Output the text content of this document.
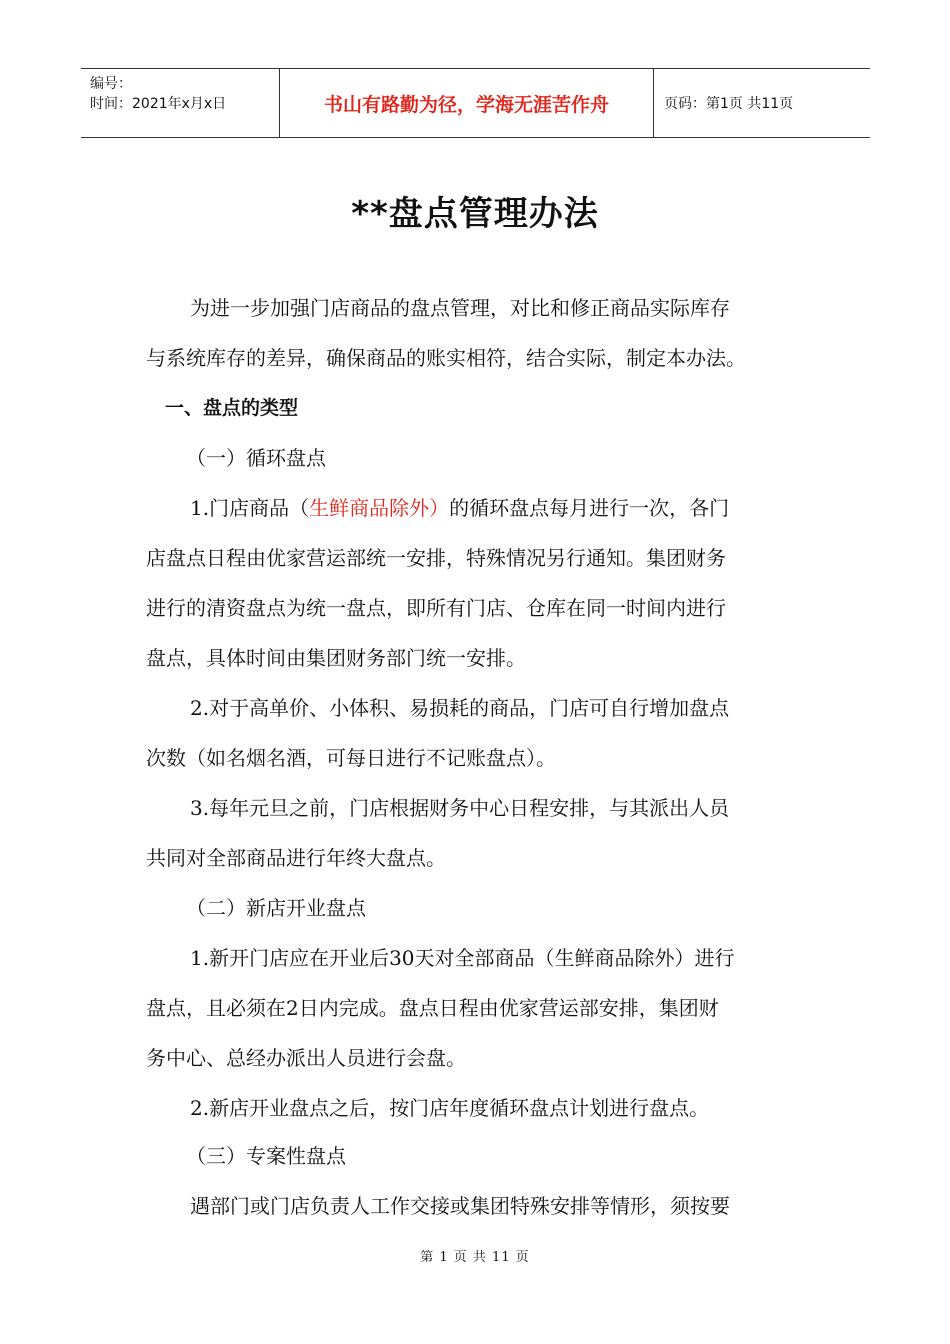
编号：
时间：2021年x月x日	书山有路勤为径，学海无涯苦作舟	页码：第1页 共11页
**盘点管理办法
为进一步加强门店商品的盘点管理，对比和修正商品实际库存
与系统库存的差异，确保商品的账实相符，结合实际，制定本办法。
一、盘点的类型
（一）循环盘点
1.门店商品（生鲜商品除外）的循环盘点每月进行一次，各门
店盘点日程由优家营运部统一安排，特殊情况另行通知。集团财务
进行的清资盘点为统一盘点，即所有门店、仓库在同一时间内进行
盘点，具体时间由集团财务部门统一安排。
2.对于高单价、小体积、易损耗的商品，门店可自行增加盘点
次数（如名烟名酒，可每日进行不记账盘点）。
3.每年元旦之前，门店根据财务中心日程安排，与其派出人员
共同对全部商品进行年终大盘点。
（二）新店开业盘点
1.新开门店应在开业后30天对全部商品（生鲜商品除外）进行
盘点，且必须在2日内完成。盘点日程由优家营运部安排，集团财
务中心、总经办派出人员进行会盘。
2.新店开业盘点之后，按门店年度循环盘点计划进行盘点。
（三）专案性盘点
遇部门或门店负责人工作交接或集团特殊安排等情形，须按要
第 1 页 共 11 页
